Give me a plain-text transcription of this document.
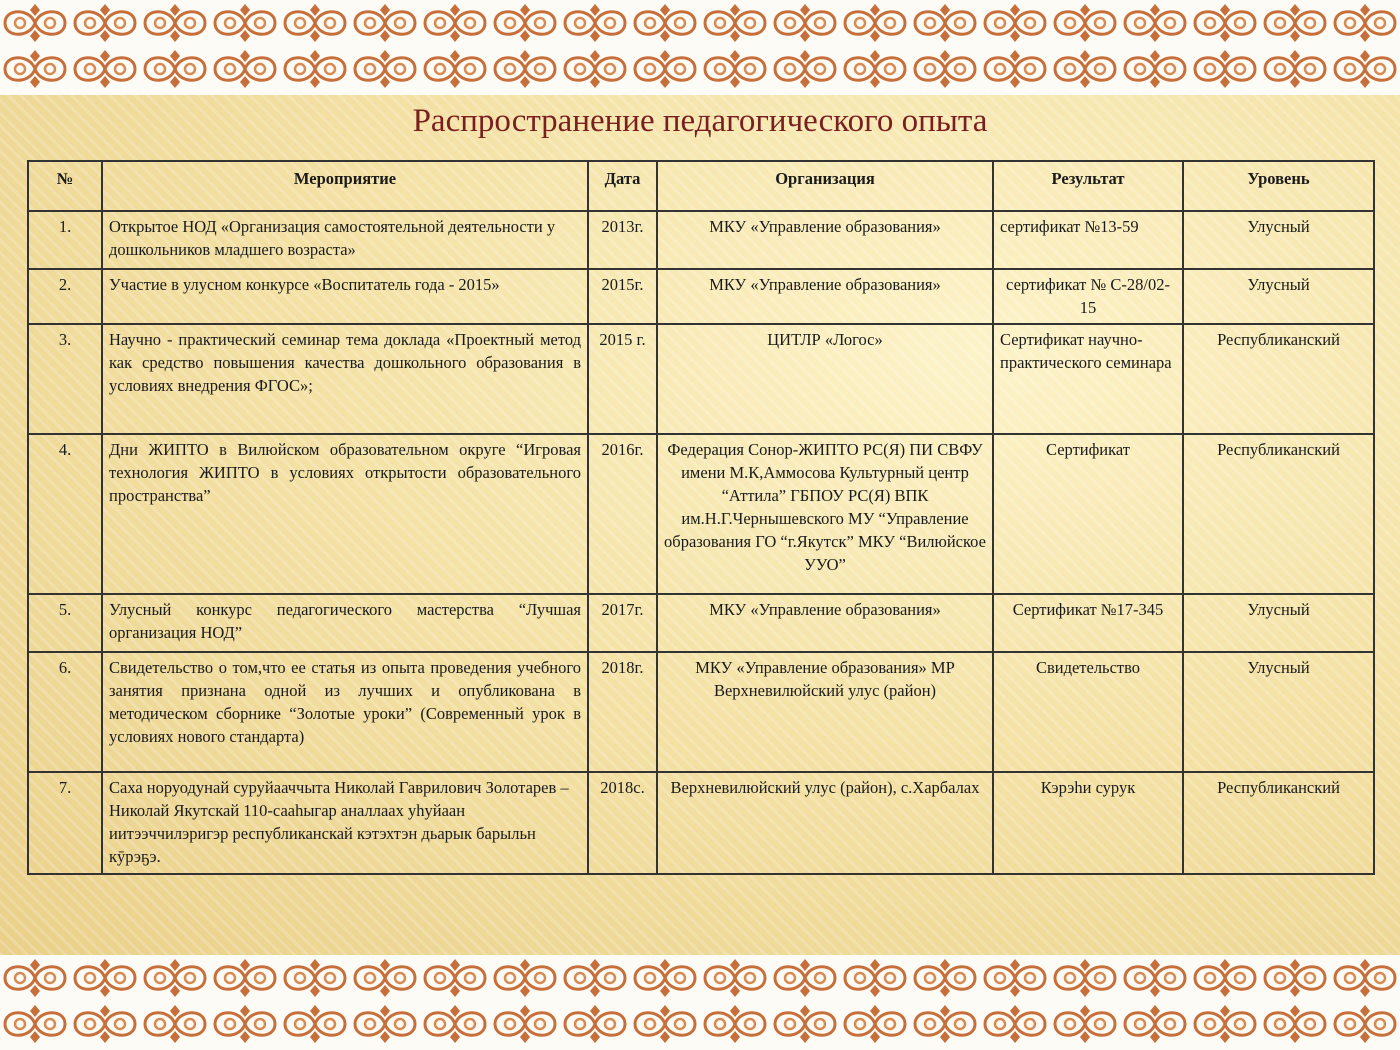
Распространение педагогического опыта
№	Мероприятие	Дата	Организация	Результат	Уровень
1.	Открытое НОД «Организация самостоятельной деятельности у дошкольников младшего возраста»	2013г.	МКУ «Управление образования»	сертификат №13-59	Улусный
2.	Участие в улусном конкурсе «Воспитатель года - 2015»	2015г.	МКУ «Управление образования»	сертификат № С-28/02-15	Улусный
3.	Научно - практический семинар тема доклада «Проектный метод как средство повышения качества дошкольного образования в условиях внедрения ФГОС»;	2015 г.	ЦИТЛР «Логос»	Сертификат научно-практического семинара	Республиканский
4.	Дни ЖИПТО в Вилюйском образовательном округе “Игровая технология ЖИПТО в условиях открытости образовательного пространства”	2016г.	Федерация Сонор-ЖИПТО РС(Я) ПИ СВФУ имени М.К,Аммосова Культурный центр “Аттила” ГБПОУ РС(Я) ВПК им.Н.Г.Чернышевского МУ “Управление образования ГО “г.Якутск” МКУ “Вилюйское УУО”	Сертификат	Республиканский
5.	Улусный конкурс педагогического мастерства “Лучшая организация НОД”	2017г.	МКУ «Управление образования»	Сертификат №17-345	Улусный
6.	Свидетельство о том,что ее статья из опыта проведения учебного занятия признана одной из лучших и опубликована в методическом сборнике “Золотые уроки” (Современный урок в условиях нового стандарта)	2018г.	МКУ «Управление образования» МР Верхневилюйский улус (район)	Свидетельство	Улусный
7.	Саха норуодунай суруйааччыта Николай Гаврилович Золотарев – Николай Якутскай 110-сааһыгар аналлаах уһуйаан иитээччилэригэр республиканскай кэтэхтэн дьарык барыльн кӯрэҕэ.	2018с.	Верхневилюйский улус (район), с.Харбалах	Кэрэһи сурук	Республиканский
